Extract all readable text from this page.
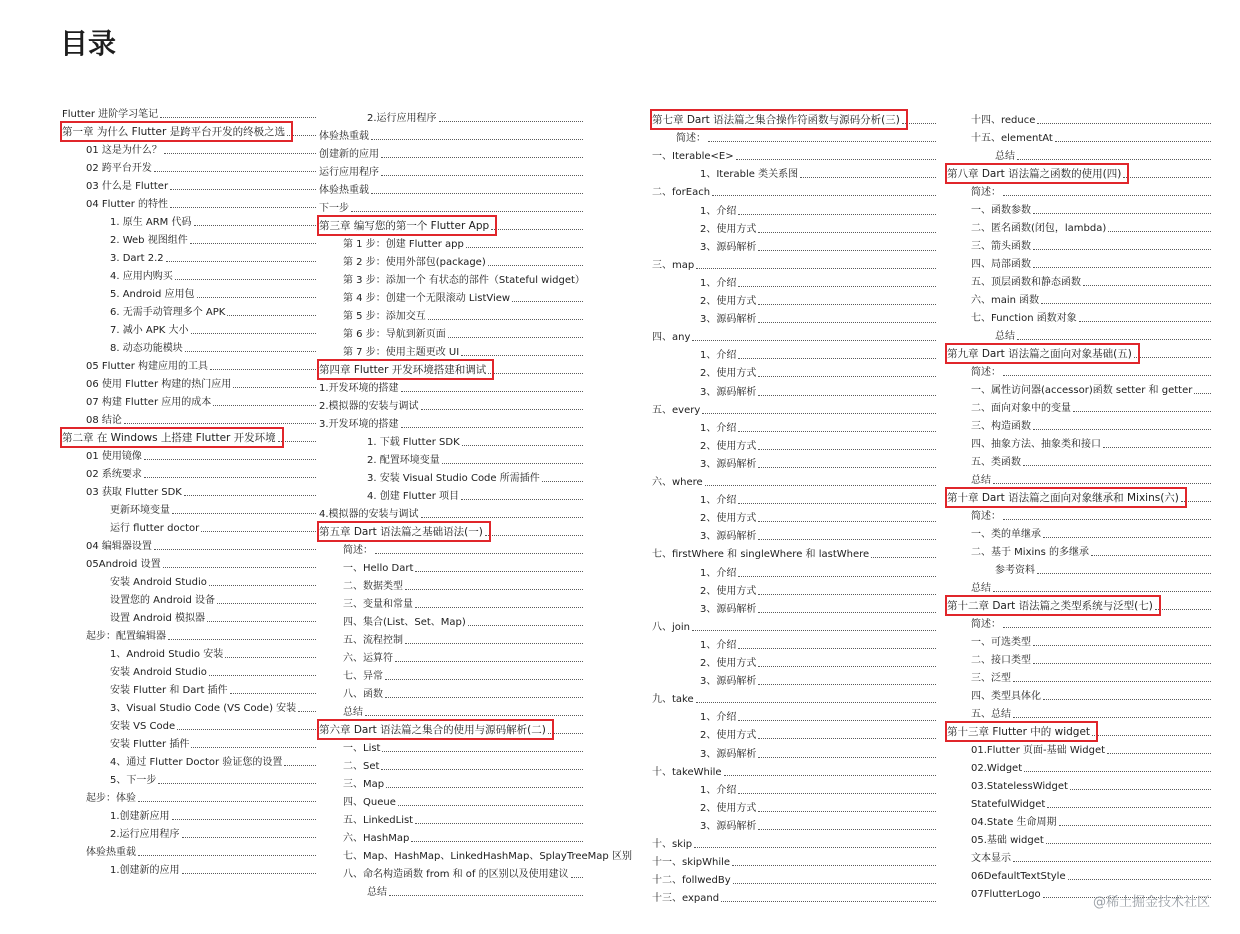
目录
Flutter 进阶学习笔记
第一章 为什么 Flutter 是跨平台开发的终极之选
01 这是为什么？
02 跨平台开发
03 什么是 Flutter
04 Flutter 的特性
1. 原生 ARM 代码
2. Web 视图组件
3. Dart 2.2
4. 应用内购买
5. Android 应用包
6. 无需手动管理多个 APK
7. 减小 APK 大小
8. 动态功能模块
05 Flutter 构建应用的工具
06 使用 Flutter 构建的热门应用
07 构建 Flutter 应用的成本
08 结论
第二章 在 Windows 上搭建 Flutter 开发环境
01 使用镜像
02 系统要求
03 获取 Flutter SDK
更新环境变量
运行 flutter doctor
04 编辑器设置
05Android 设置
安装 Android Studio
设置您的 Android 设备
设置 Android 模拟器
起步：配置编辑器
1、Android Studio 安装
安装 Android Studio
安装 Flutter 和 Dart 插件
3、Visual Studio Code (VS Code) 安装
安装 VS Code
安装 Flutter 插件
4、通过 Flutter Doctor 验证您的设置
5、下一步
起步：体验
1.创建新应用
2.运行应用程序
体验热重载
1.创建新的应用
2.运行应用程序
体验热重载
创建新的应用
运行应用程序
体验热重载
下一步
第三章 编写您的第一个 Flutter App
第 1 步：创建 Flutter app
第 2 步：使用外部包(package)
第 3 步：添加一个 有状态的部件（Stateful widget）
第 4 步：创建一个无限滚动 ListView
第 5 步：添加交互
第 6 步：导航到新页面
第 7 步：使用主题更改 UI
第四章 Flutter 开发环境搭建和调试
1.开发环境的搭建
2.模拟器的安装与调试
3.开发环境的搭建
1. 下载 Flutter SDK
2. 配置环境变量
3. 安装 Visual Studio Code 所需插件
4. 创建 Flutter 项目
4.模拟器的安装与调试
第五章 Dart 语法篇之基础语法(一)
简述：
一、Hello Dart
二、数据类型
三、变量和常量
四、集合(List、Set、Map)
五、流程控制
六、运算符
七、异常
八、函数
总结
第六章 Dart 语法篇之集合的使用与源码解析(二)
一、List
二、Set
三、Map
四、Queue
五、LinkedList
六、HashMap
七、Map、HashMap、LinkedHashMap、SplayTreeMap 区别
八、命名构造函数 from 和 of 的区别以及使用建议
总结
第七章 Dart 语法篇之集合操作符函数与源码分析(三)
简述：
一、Iterable<E>
1、Iterable 类关系图
二、forEach
1、介绍
2、使用方式
3、源码解析
三、map
1、介绍
2、使用方式
3、源码解析
四、any
1、介绍
2、使用方式
3、源码解析
五、every
1、介绍
2、使用方式
3、源码解析
六、where
1、介绍
2、使用方式
3、源码解析
七、firstWhere 和 singleWhere 和 lastWhere
1、介绍
2、使用方式
3、源码解析
八、join
1、介绍
2、使用方式
3、源码解析
九、take
1、介绍
2、使用方式
3、源码解析
十、takeWhile
1、介绍
2、使用方式
3、源码解析
十、skip
十一、skipWhile
十二、follwedBy
十三、expand
十四、reduce
十五、elementAt
总结
第八章 Dart 语法篇之函数的使用(四)
简述：
一、函数参数
二、匿名函数(闭包，lambda)
三、箭头函数
四、局部函数
五、顶层函数和静态函数
六、main 函数
七、Function 函数对象
总结
第九章 Dart 语法篇之面向对象基础(五)
简述：
一、属性访问器(accessor)函数 setter 和 getter
二、面向对象中的变量
三、构造函数
四、抽象方法、抽象类和接口
五、类函数
总结
第十章 Dart 语法篇之面向对象继承和 Mixins(六)
简述：
一、类的单继承
二、基于 Mixins 的多继承
参考资料
总结
第十二章 Dart 语法篇之类型系统与泛型(七)
简述：
一、可选类型
二、接口类型
三、泛型
四、类型具体化
五、总结
第十三章 Flutter 中的 widget
01.Flutter 页面-基础 Widget
02.Widget
03.StatelessWidget
StatefulWidget
04.State 生命周期
05.基础 widget
文本显示
06DefaultTextStyle
07FlutterLogo
@稀土掘金技术社区
